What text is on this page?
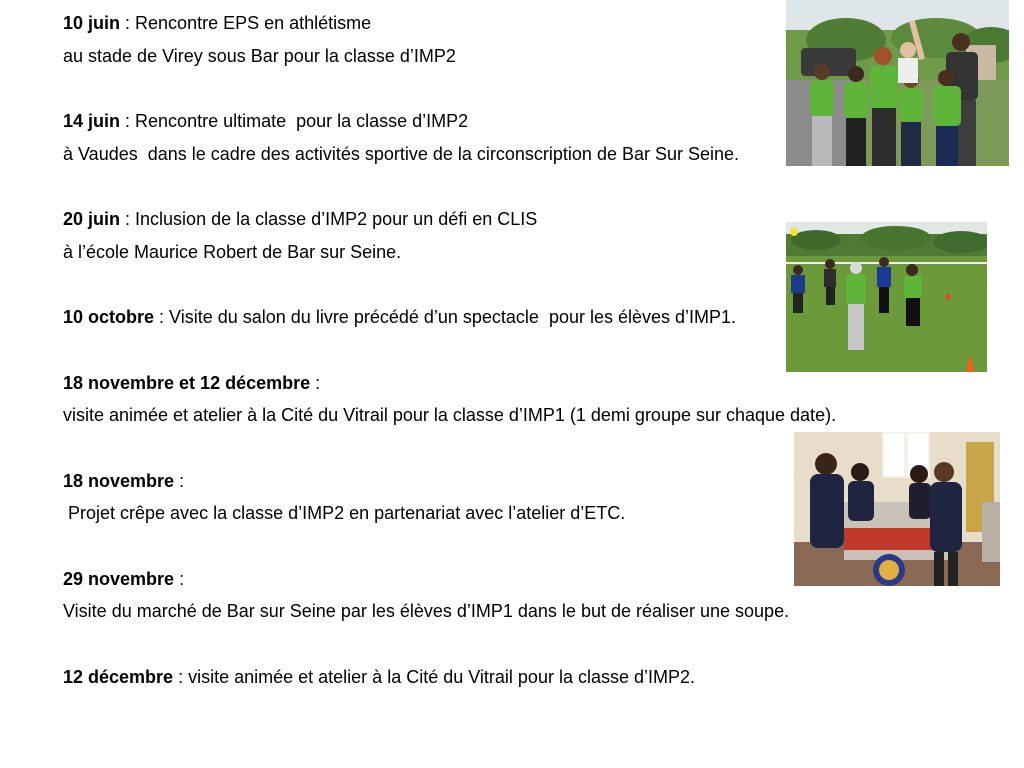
10 juin : Rencontre EPS en athlétisme
au stade de Virey sous Bar pour la classe d’IMP2
14 juin : Rencontre ultimate  pour la classe d’IMP2
à Vaudes  dans le cadre des activités sportive de la circonscription de Bar Sur Seine.
20 juin : Inclusion de la classe d’IMP2 pour un défi en CLIS
à l’école Maurice Robert de Bar sur Seine.
10 octobre : Visite du salon du livre précédé d’un spectacle  pour les élèves d’IMP1.
18 novembre et 12 décembre :
visite animée et atelier à la Cité du Vitrail pour la classe d’IMP1 (1 demi groupe sur chaque date).
18 novembre :
Projet crêpe avec la classe d’IMP2 en partenariat avec l’atelier d’ETC.
29 novembre :
Visite du marché de Bar sur Seine par les élèves d’IMP1 dans le but de réaliser une soupe.
12 décembre : visite animée et atelier à la Cité du Vitrail pour la classe d’IMP2.
